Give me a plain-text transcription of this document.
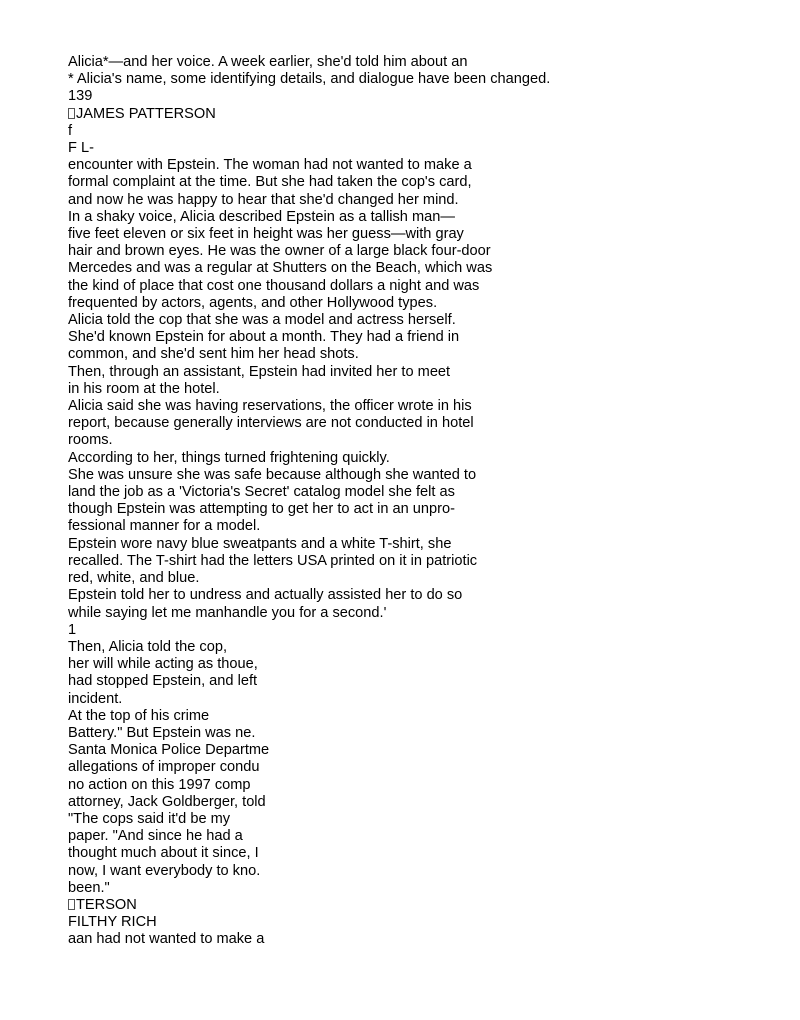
Alicia*—and her voice. A week earlier, she'd told him about an
* Alicia's name, some identifying details, and dialogue have been changed.
139
JAMES PATTERSON
f
F L-
encounter with Epstein. The woman had not wanted to make a
formal complaint at the time. But she had taken the cop's card,
and now he was happy to hear that she'd changed her mind.
In a shaky voice, Alicia described Epstein as a tallish man—
five feet eleven or six feet in height was her guess—with gray
hair and brown eyes. He was the owner of a large black four-door
Mercedes and was a regular at Shutters on the Beach, which was
the kind of place that cost one thousand dollars a night and was
frequented by actors, agents, and other Hollywood types.
Alicia told the cop that she was a model and actress herself.
She'd known Epstein for about a month. They had a friend in
common, and she'd sent him her head shots.
Then, through an assistant, Epstein had invited her to meet
in his room at the hotel.
Alicia said she was having reservations, the officer wrote in his
report, because generally interviews are not conducted in hotel
rooms.
According to her, things turned frightening quickly.
She was unsure she was safe because although she wanted to
land the job as a 'Victoria's Secret' catalog model she felt as
though Epstein was attempting to get her to act in an unpro-
fessional manner for a model.
Epstein wore navy blue sweatpants and a white T-shirt, she
recalled. The T-shirt had the letters USA printed on it in patriotic
red, white, and blue.
Epstein told her to undress and actually assisted her to do so
while saying let me manhandle you for a second.'
1
Then, Alicia told the cop,
her will while acting as thoue,
had stopped Epstein, and left
incident.
At the top of his crime
Battery." But Epstein was ne.
Santa Monica Police Departme
allegations of improper condu
no action on this 1997 comp
attorney, Jack Goldberger, told
"The cops said it'd be my
paper. "And since he had a
thought much about it since, I
now, I want everybody to kno.
been."
TERSON
FILTHY RICH
aan had not wanted to make a
